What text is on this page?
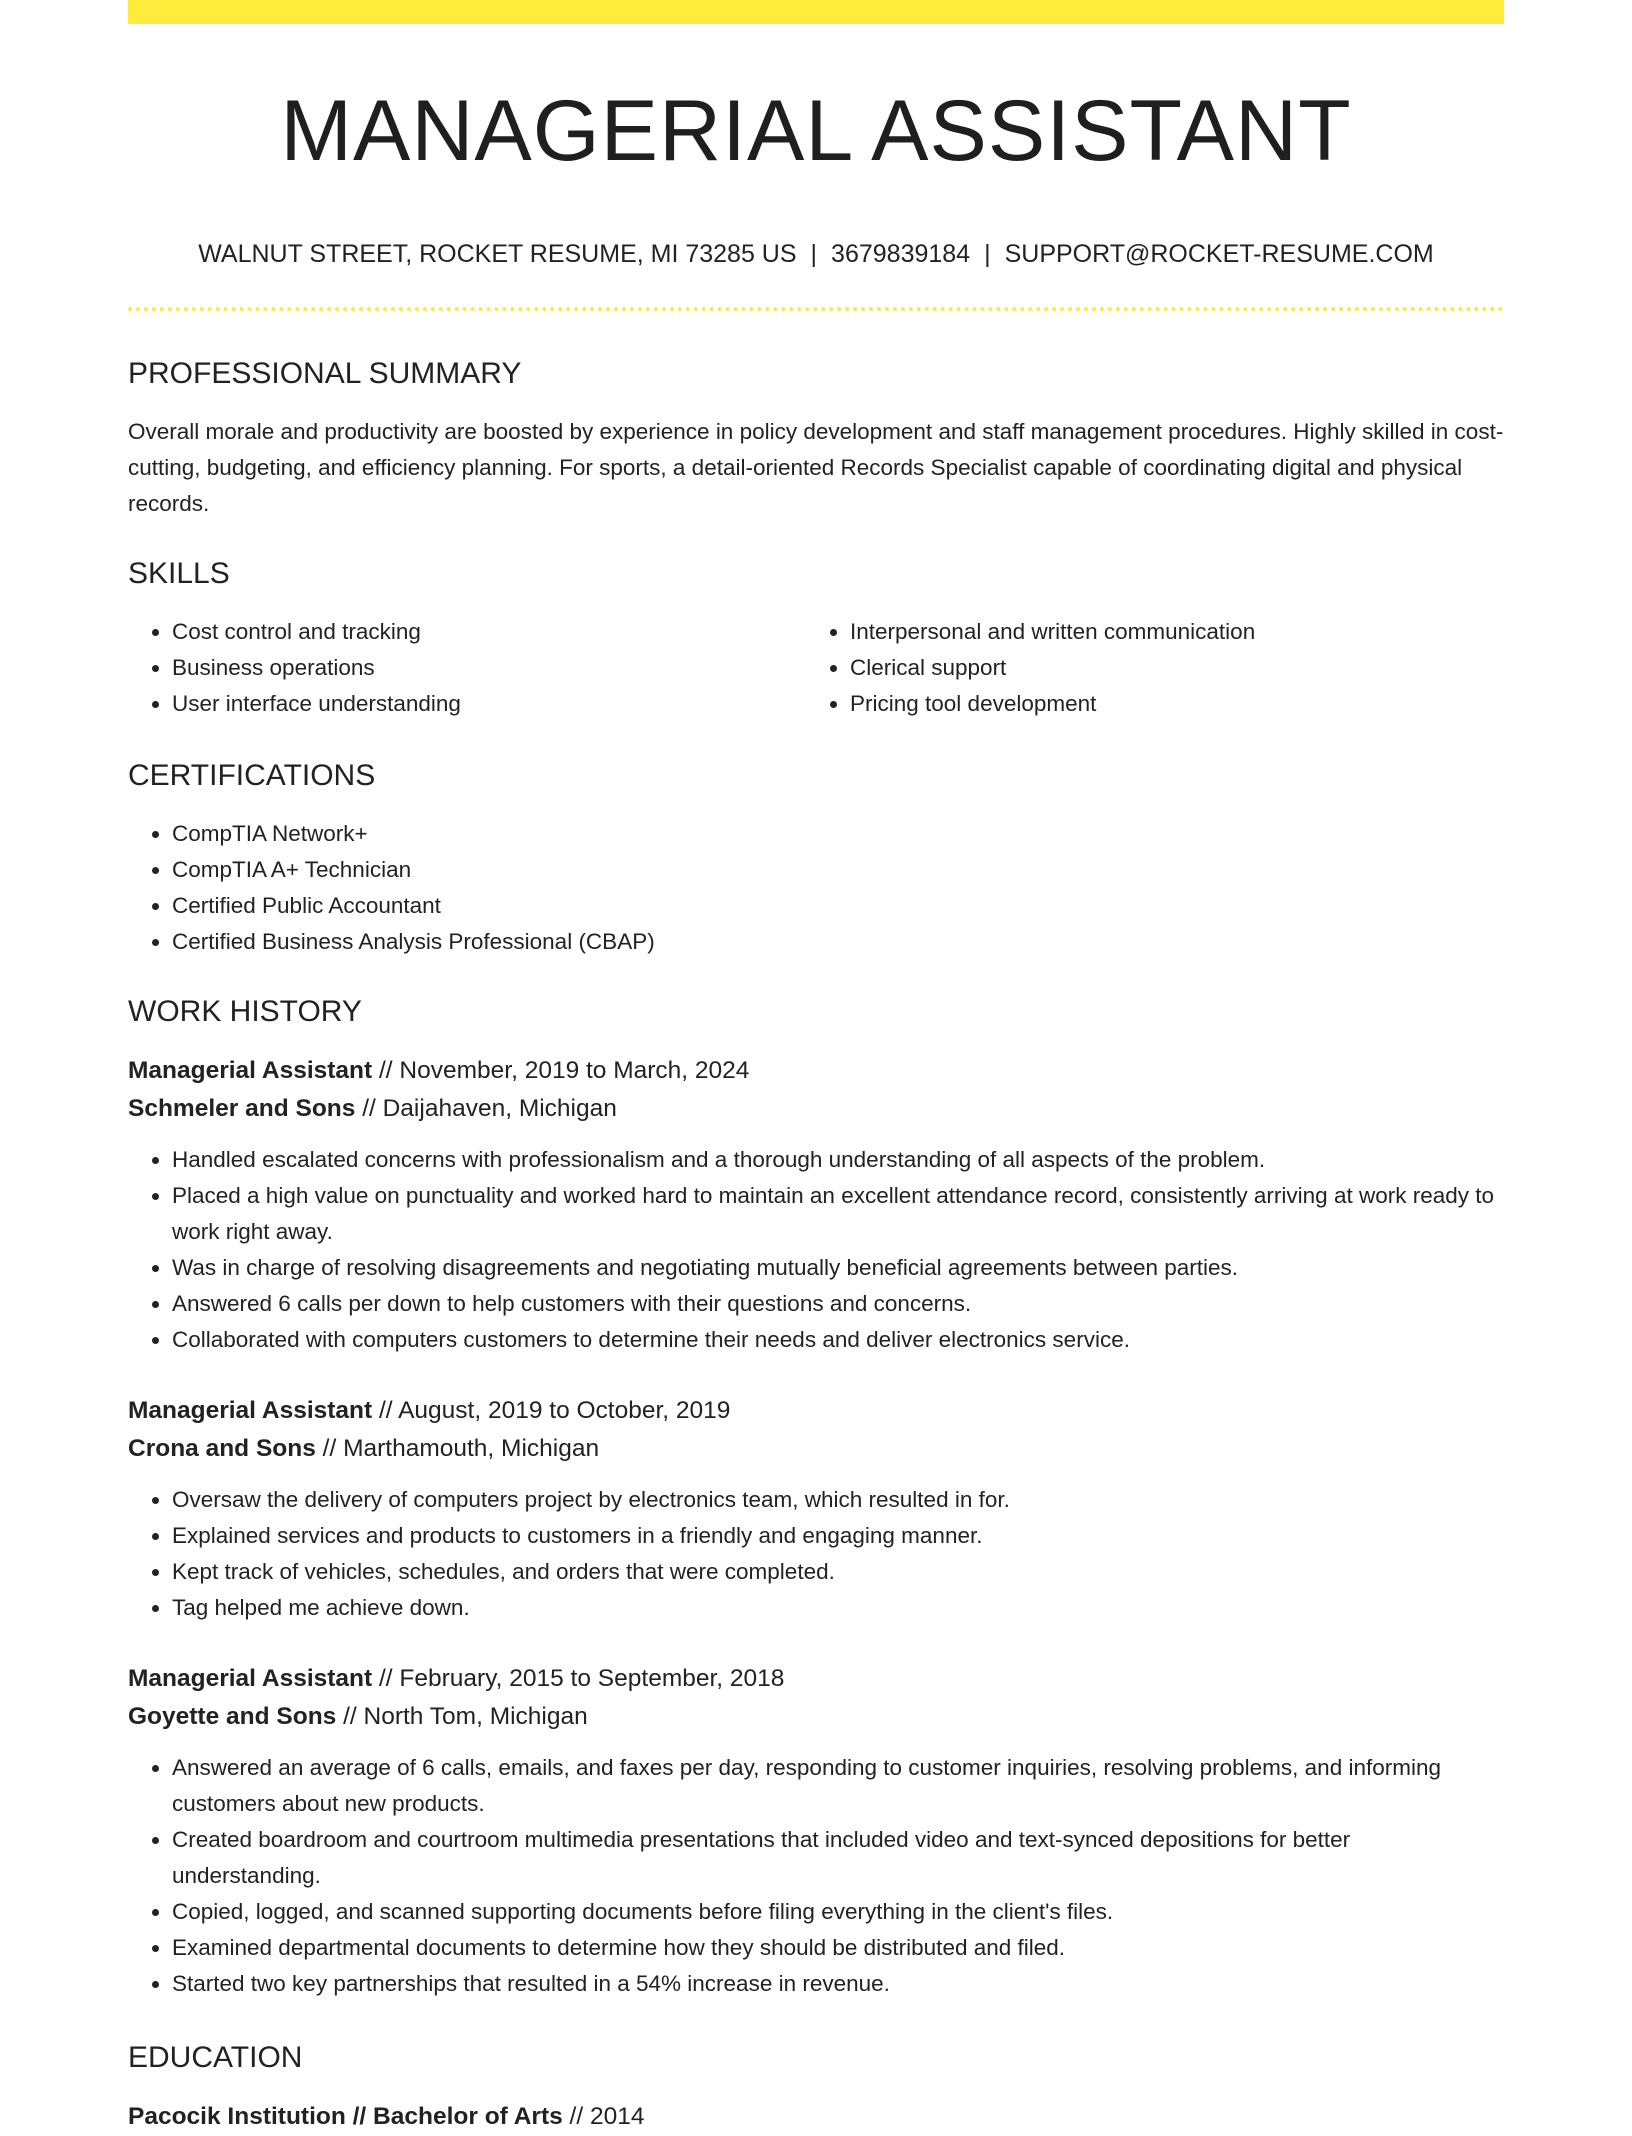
MANAGERIAL ASSISTANT
WALNUT STREET, ROCKET RESUME, MI 73285 US | 3679839184 | SUPPORT@ROCKET-RESUME.COM
PROFESSIONAL SUMMARY

Overall morale and productivity are boosted by experience in policy development and staff management procedures. Highly skilled in cost-cutting, budgeting, and efficiency planning. For sports, a detail-oriented Records Specialist capable of coordinating digital and physical records.

SKILLS
• Cost control and tracking
• Business operations
• User interface understanding
• Interpersonal and written communication
• Clerical support
• Pricing tool development
CERTIFICATIONS
• CompTIA Network+
• CompTIA A+ Technician
• Certified Public Accountant
• Certified Business Analysis Professional (CBAP)
WORK HISTORY

Managerial Assistant // November, 2019 to March, 2024

Schmeler and Sons // Daijahaven, Michigan

• Handled escalated concerns with professionalism and a thorough understanding of all aspects of the problem.
• Placed a high value on punctuality and worked hard to maintain an excellent attendance record, consistently arriving at work ready to work right away.
• Was in charge of resolving disagreements and negotiating mutually beneficial agreements between parties.
• Answered 6 calls per down to help customers with their questions and concerns.
• Collaborated with computers customers to determine their needs and deliver electronics service.

Managerial Assistant // August, 2019 to October, 2019

Crona and Sons // Marthamouth, Michigan

• Oversaw the delivery of computers project by electronics team, which resulted in for.
• Explained services and products to customers in a friendly and engaging manner.
• Kept track of vehicles, schedules, and orders that were completed.
• Tag helped me achieve down.

Managerial Assistant // February, 2015 to September, 2018

Goyette and Sons // North Tom, Michigan

• Answered an average of 6 calls, emails, and faxes per day, responding to customer inquiries, resolving problems, and informing customers about new products.
• Created boardroom and courtroom multimedia presentations that included video and text-synced depositions for better understanding.
• Copied, logged, and scanned supporting documents before filing everything in the client's files.
• Examined departmental documents to determine how they should be distributed and filed.
• Started two key partnerships that resulted in a 54% increase in revenue.
EDUCATION
Pacocik Institution // Bachelor of Arts // 2014
